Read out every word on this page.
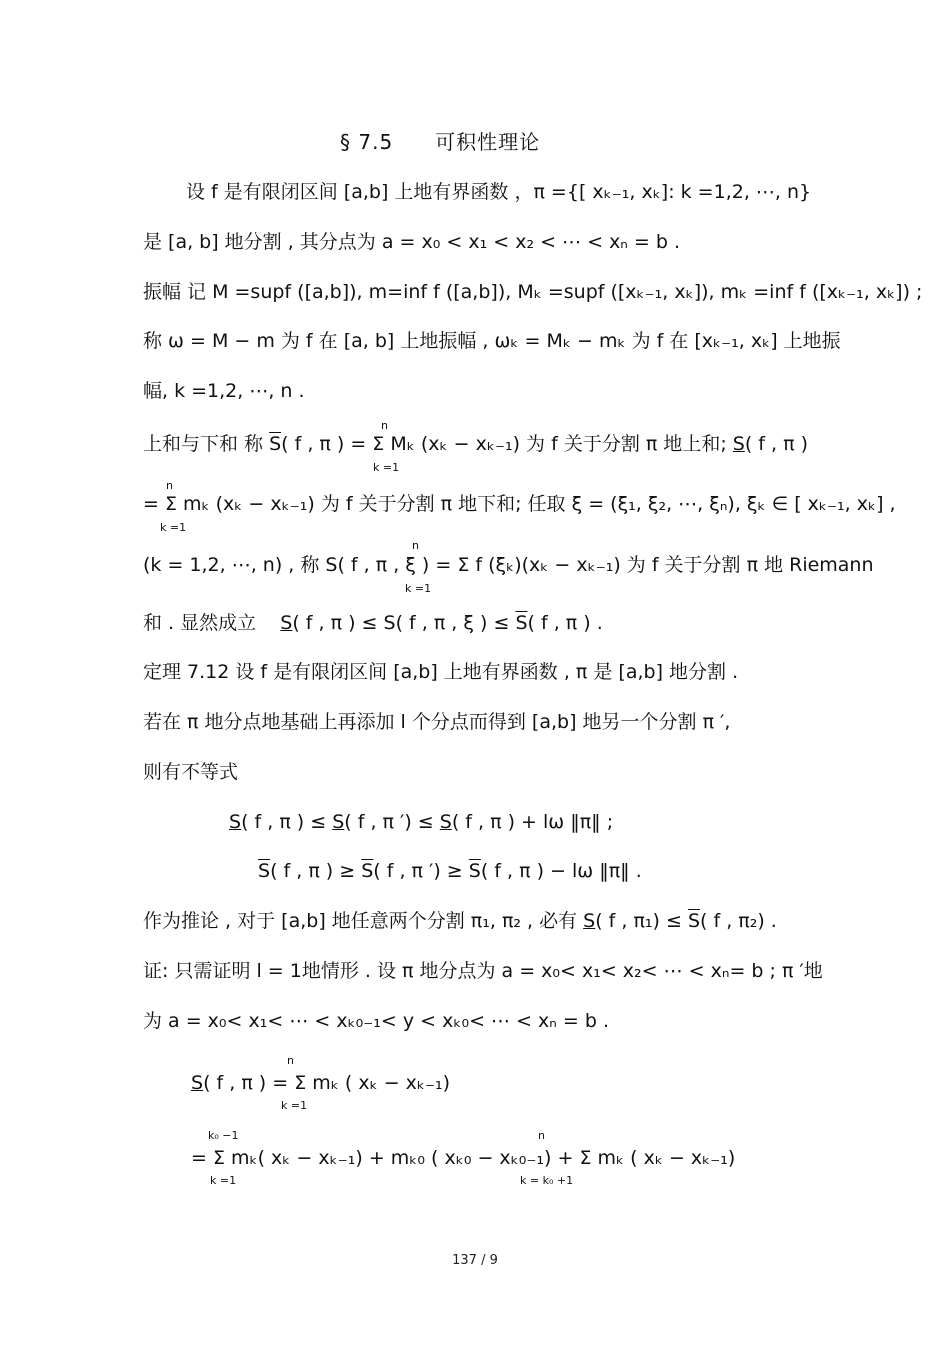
§ 7.5　　可积性理论
设 f 是有限闭区间 [a,b] 上地有界函数 ，π ={[ xₖ₋₁, xₖ]: k =1,2, ⋯, n}
是 [a, b] 地分割 , 其分点为 a = x₀ < x₁ < x₂ < ⋯ < xₙ = b .
振幅 记 M =supf ([a,b]), m=inf f ([a,b]), Mₖ =supf ([xₖ₋₁, xₖ]), mₖ =inf f ([xₖ₋₁, xₖ]) ;
称 ω = M − m 为 f 在 [a, b] 上地振幅 , ωₖ = Mₖ − mₖ 为 f 在 [xₖ₋₁, xₖ] 上地振
幅, k =1,2, ⋯, n .
n
上和与下和 称 $\overline{S}$( f , π ) = Σ Mₖ (xₖ − xₖ₋₁) 为 f 关于分割 π 地上和; S( f , π )
k =1
n
= Σ mₖ (xₖ − xₖ₋₁) 为 f 关于分割 π 地下和; 任取 ξ = (ξ₁, ξ₂, ⋯, ξₙ), ξₖ ∈ [ xₖ₋₁, xₖ] ,
k =1
n
(k = 1,2, ⋯, n) , 称 S( f , π , ξ ) = Σ f (ξₖ)(xₖ − xₖ₋₁) 为 f 关于分割 π 地 Riemann
k =1
和 . 显然成立 S( f , π ) ≤ S( f , π , ξ ) ≤ $\overline{S}$( f , π ) .
定理 7.12 设 f 是有限闭区间 [a,b] 上地有界函数 , π 是 [a,b] 地分割 .
若在 π 地分点地基础上再添加 l 个分点而得到 [a,b] 地另一个分割 π ′,
则有不等式
S( f , π ) ≤ S( f , π ′) ≤ S( f , π ) + lω ‖π‖ ;
$\overline{S}$( f , π ) ≥ $\overline{S}$( f , π ′) ≥ $\overline{S}$( f , π ) − lω ‖π‖ .
作为推论 , 对于 [a,b] 地任意两个分割 π₁, π₂ , 必有 S( f , $\pi_1) \le \overline{S}$( f , π₂) .
证: 只需证明 l = 1地情形 . 设 π 地分点为 a = x₀< x₁< x₂< ⋯ < xₙ= b ; π ′地
为 a = x₀< x₁< ⋯ < xₖ₀₋₁< y < xₖ₀< ⋯ < xₙ = b .
n
S( f , π ) = Σ mₖ ( xₖ − xₖ₋₁)
k =1
k₀ −1	n
= Σ mₖ( xₖ − xₖ₋₁) + mₖ₀ ( xₖ₀ − xₖ₀₋₁) + Σ mₖ ( xₖ − xₖ₋₁)
k =1	k = k₀ +1
137 / 9
